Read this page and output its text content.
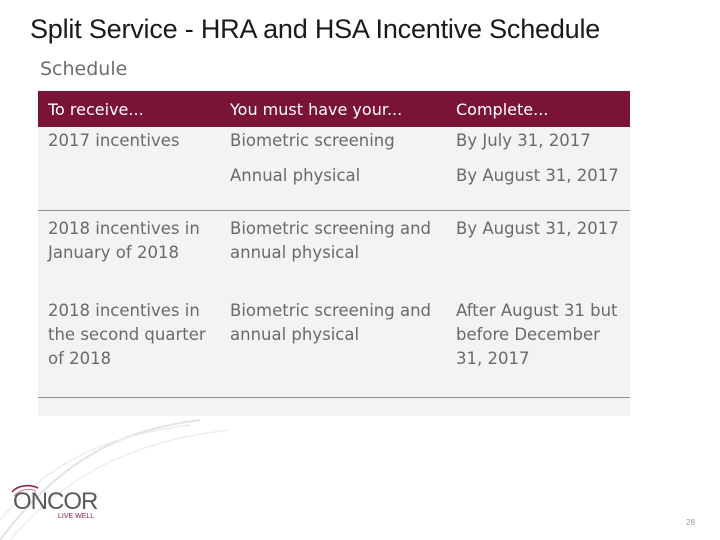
Split Service - HRA and HSA Incentive Schedule
Schedule
To receive...	You must have your...	Complete...
2017 incentives	Biometric screening	By July 31, 2017
	Annual physical	By August 31, 2017
2018 incentives in January of 2018	Biometric screening and annual physical	By August 31, 2017
2018 incentives in the second quarter of 2018	Biometric screening and annual physical	After August 31 but before December 31, 2017
ONCOR
LIVE WELL
28
